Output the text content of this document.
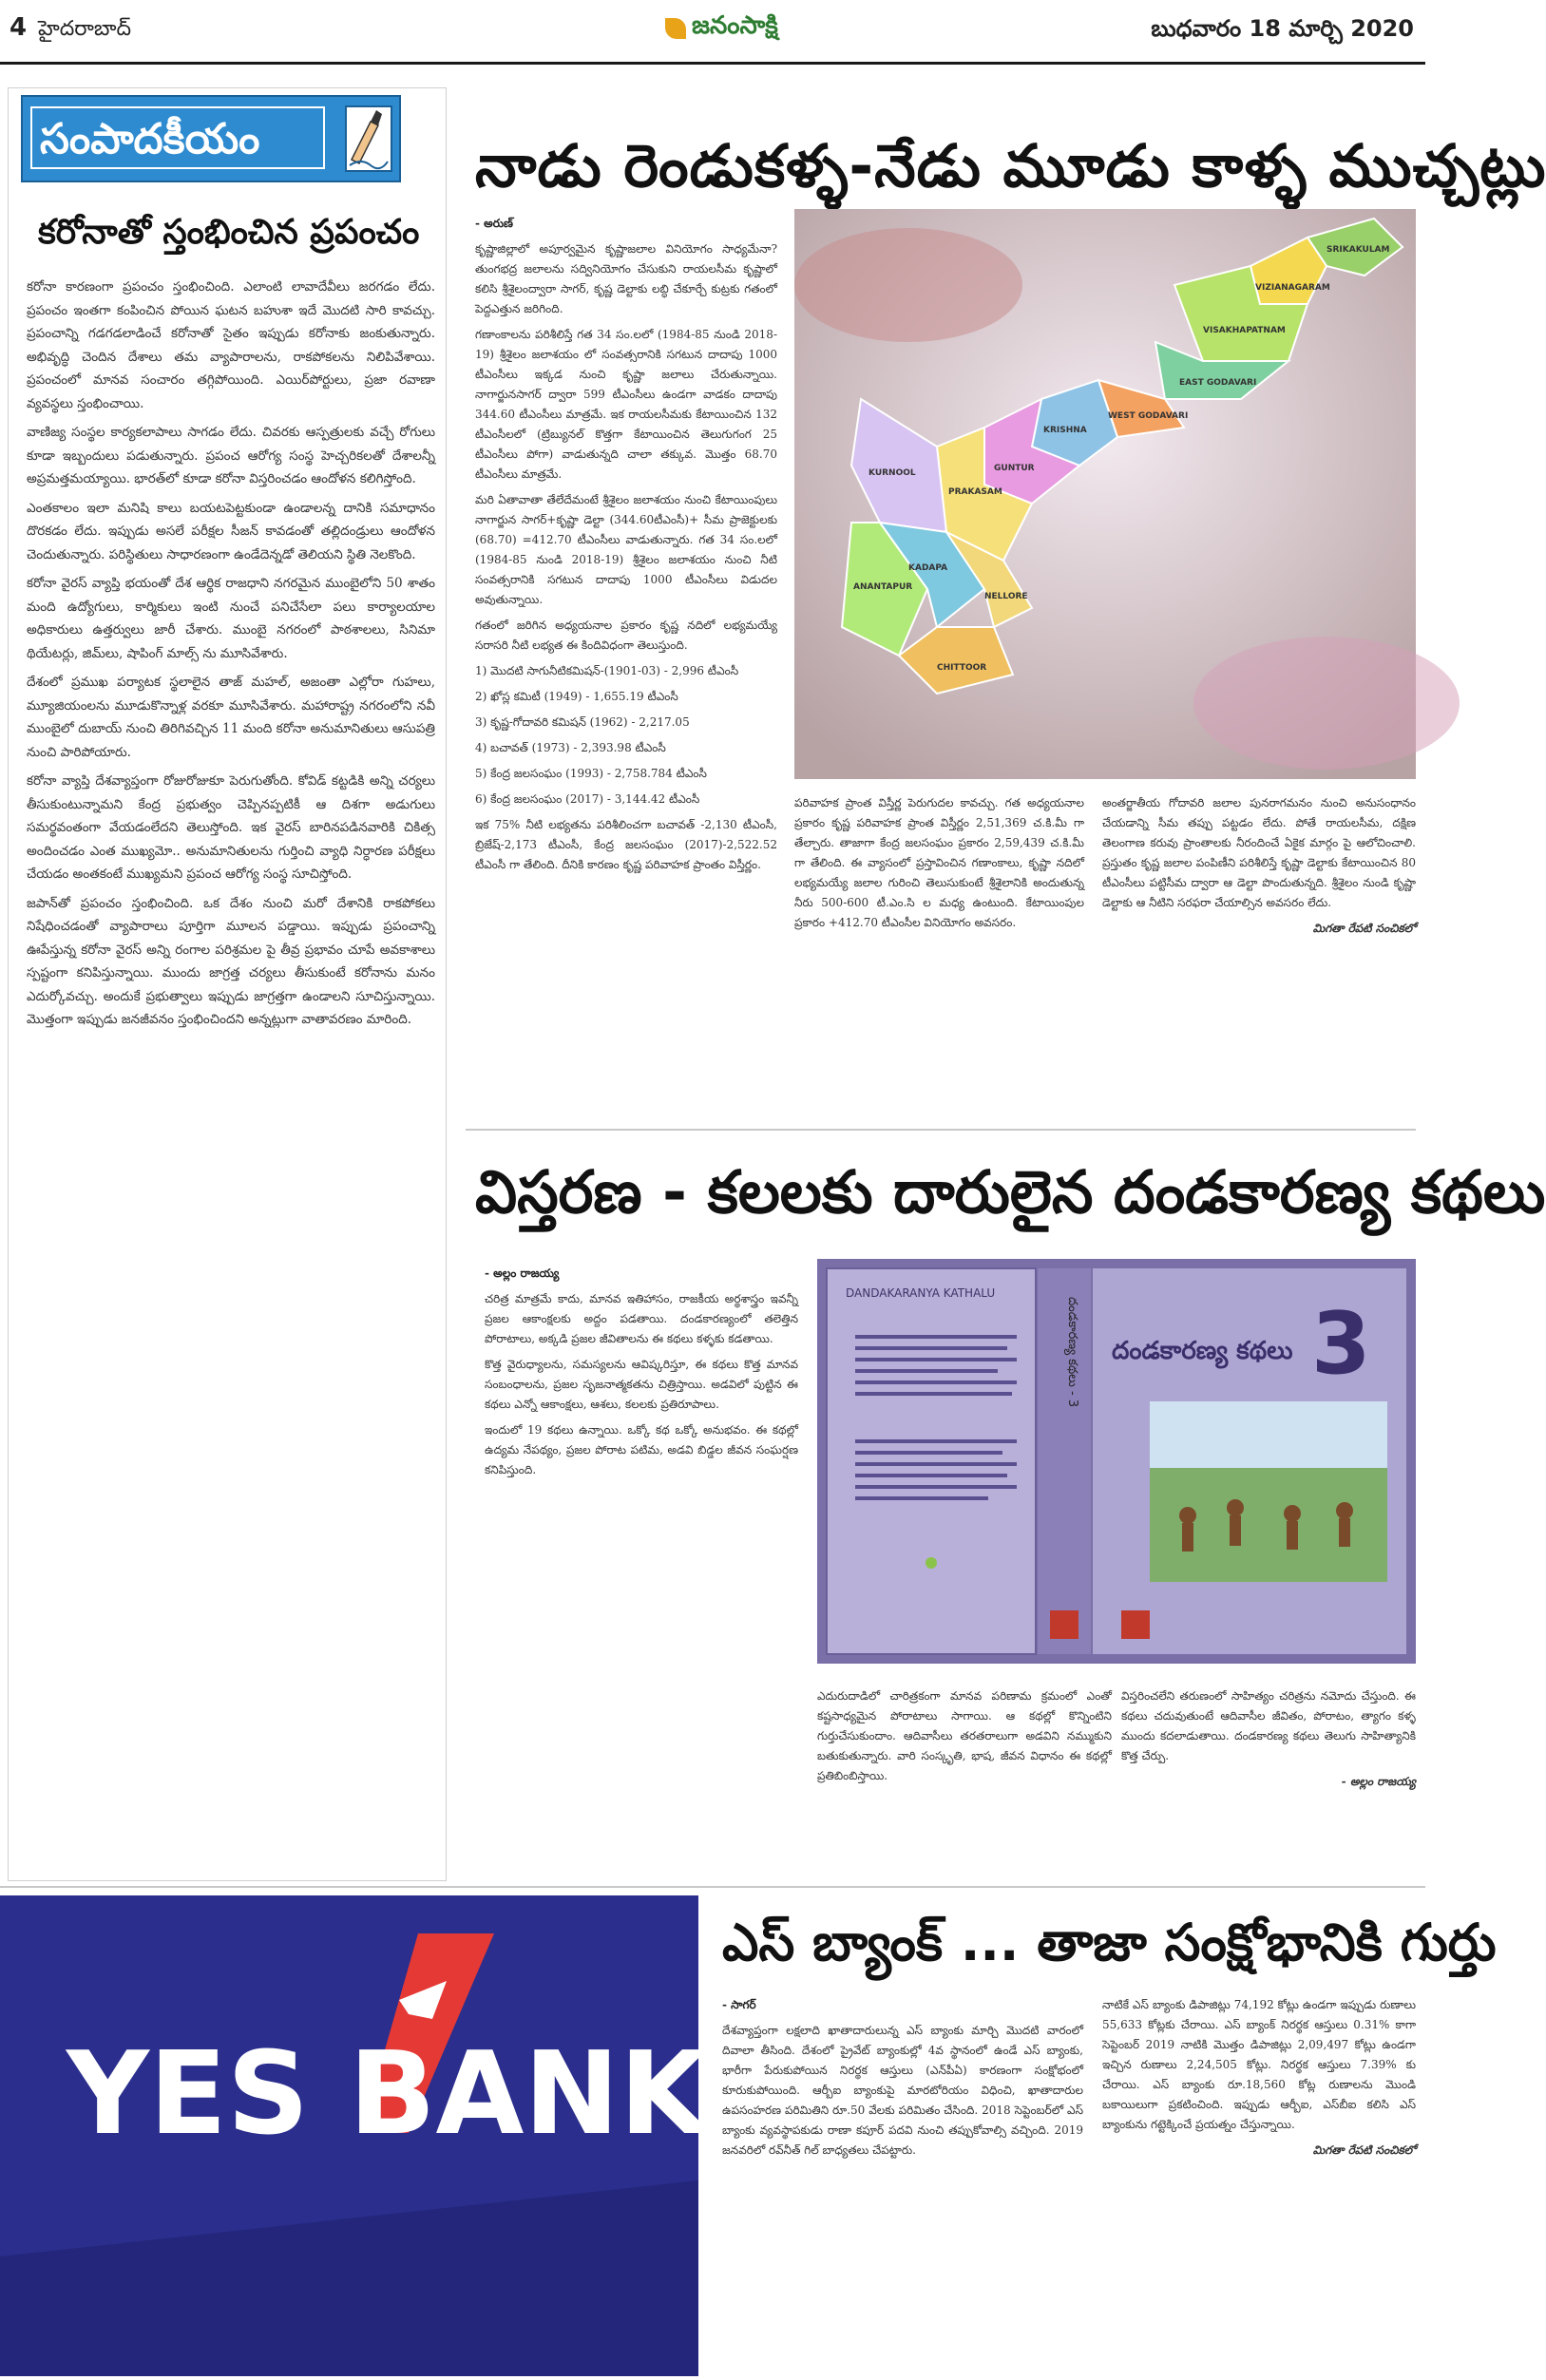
4 హైదరాబాద్	జనంసాక్షి	బుధవారం 18 మార్చి 2020
సంపాదకీయం
కరోనాతో స్తంభించిన ప్రపంచం

కరోనా కారణంగా ప్రపంచం స్తంభించింది. ఎలాంటి లావాదేవీలు జరగడం లేదు. ప్రపంచం ఇంతగా కంపించిన పోయిన ఘటన బహుశా ఇదే మొదటి సారి కావచ్చు. ప్రపంచాన్ని గడగడలాడించే కరోనాతో సైతం ఇప్పుడు కరోనాకు జంకుతున్నారు. అభివృద్ధి చెందిన దేశాలు తమ వ్యాపారాలను, రాకపోకలను నిలిపివేశాయి. ప్రపంచంలో మానవ సంచారం తగ్గిపోయింది. ఎయిర్‌పోర్టులు, ప్రజా రవాణా వ్యవస్థలు స్తంభించాయి.

వాణిజ్య సంస్థల కార్యకలాపాలు సాగడం లేదు. చివరకు ఆస్పత్రులకు వచ్చే రోగులు కూడా ఇబ్బందులు పడుతున్నారు. ప్రపంచ ఆరోగ్య సంస్థ హెచ్చరికలతో దేశాలన్నీ అప్రమత్తమయ్యాయి. భారత్‌లో కూడా కరోనా విస్తరించడం ఆందోళన కలిగిస్తోంది.

ఎంతకాలం ఇలా మనిషి కాలు బయటపెట్టకుండా ఉండాలన్న దానికి సమాధానం దొరకడం లేదు. ఇప్పుడు అసలే పరీక్షల సీజన్ కావడంతో తల్లిదండ్రులు ఆందోళన చెందుతున్నారు. పరిస్థితులు సాధారణంగా ఉండేదెన్నడో తెలియని స్థితి నెలకొంది.

కరోనా వైరస్ వ్యాప్తి భయంతో దేశ ఆర్థిక రాజధాని నగరమైన ముంబైలోని 50 శాతం మంది ఉద్యోగులు, కార్మికులు ఇంటి నుంచే పనిచేసేలా పలు కార్యాలయాల అధికారులు ఉత్తర్వులు జారీ చేశారు. ముంబై నగరంలో పాఠశాలలు, సినిమా థియేటర్లు, జిమ్‌లు, షాపింగ్ మాల్స్ ను మూసివేశారు.

దేశంలో ప్రముఖ పర్యాటక స్థలాలైన తాజ్ మహల్, అజంతా ఎల్లోరా గుహలు, మ్యూజియంలను మూడుకొన్నాళ్ల వరకూ మూసివేశారు. మహారాష్ట్ర నగరంలోని నవీ ముంబైలో దుబాయ్ నుంచి తిరిగివచ్చిన 11 మంది కరోనా అనుమానితులు ఆసుపత్రి నుంచి పారిపోయారు.

కరోనా వ్యాప్తి దేశవ్యాప్తంగా రోజురోజుకూ పెరుగుతోంది. కోవిడ్ కట్టడికి అన్ని చర్యలు తీసుకుంటున్నామని కేంద్ర ప్రభుత్వం చెప్పినప్పటికీ ఆ దిశగా అడుగులు సమర్థవంతంగా వేయడంలేదని తెలుస్తోంది. ఇక వైరస్ బారినపడినవారికి చికిత్స అందించడం ఎంత ముఖ్యమో.. అనుమానితులను గుర్తించి వ్యాధి నిర్ధారణ పరీక్షలు చేయడం అంతకంటే ముఖ్యమని ప్రపంచ ఆరోగ్య సంస్థ సూచిస్తోంది.

జపాన్‌తో ప్రపంచం స్తంభించింది. ఒక దేశం నుంచి మరో దేశానికి రాకపోకలు నిషేధించడంతో వ్యాపారాలు పూర్తిగా మూలన పడ్డాయి. ఇప్పుడు ప్రపంచాన్ని ఊపేస్తున్న కరోనా వైరస్ అన్ని రంగాల పరిశ్రమల పై తీవ్ర ప్రభావం చూపే అవకాశాలు స్పష్టంగా కనిపిస్తున్నాయి. ముందు జాగ్రత్త చర్యలు తీసుకుంటే కరోనాను మనం ఎదుర్కోవచ్చు. అందుకే ప్రభుత్వాలు ఇప్పుడు జాగ్రత్తగా ఉండాలని సూచిస్తున్నాయి. మొత్తంగా ఇప్పుడు జనజీవనం స్తంభించిందని అన్నట్లుగా వాతావరణం మారింది.

నాడు రెండుకళ్ళ-నేడు మూడు కాళ్ళ ముచ్చట్లు

- అరుణ్

కృష్ణాజిల్లాలో అపూర్వమైన కృష్ణాజలాల వినియోగం సాధ్యమేనా? తుంగభద్ర జలాలను సద్వినియోగం చేసుకుని రాయలసీమ కృష్ణాలో కలిసి శ్రీశైలంద్వారా సాగర్, కృష్ణ డెల్టాకు లబ్ధి చేకూర్చే కుట్రకు గతంలో పెద్దఎత్తున జరిగింది.

గణాంకాలను పరిశీలిస్తే గత 34 సం.లలో (1984-85 నుండి 2018-19) శ్రీశైలం జలాశయం లో సంవత్సరానికి సగటున దాదాపు 1000 టీఎంసీలు ఇక్కడ నుంచి కృష్ణా జలాలు చేరుతున్నాయి. నాగార్జునసాగర్ ద్వారా 599 టీఎంసీలు ఉండగా వాడకం దాదాపు 344.60 టీఎంసీలు మాత్రమే. ఇక రాయలసీమకు కేటాయించిన 132 టీఎంసీలలో (ట్రిబ్యునల్ కొత్తగా కేటాయించిన తెలుగుగంగ 25 టీఎంసీలు పోగా) వాడుతున్నది చాలా తక్కువ. మొత్తం 68.70 టీఎంసీలు మాత్రమే.

మరి ఏతావాతా తేలేదేమంటే శ్రీశైలం జలాశయం నుంచి కేటాయింపులు నాగార్జున సాగర్+కృష్ణా డెల్టా (344.60టీఎంసీ)+ సీమ ప్రాజెక్టులకు (68.70) =412.70 టీఎంసీలు వాడుతున్నారు. గత 34 సం.లలో (1984-85 నుండి 2018-19) శ్రీశైలం జలాశయం నుంచి నీటి సంవత్సరానికి సగటున దాదాపు 1000 టీఎంసీలు విడుదల అవుతున్నాయి.

గతంలో జరిగిన అధ్యయనాల ప్రకారం కృష్ణ నదిలో లభ్యమయ్యే సరాసరి నీటి లభ్యత ఈ కిందివిధంగా తెలుస్తుంది.

1) మొదటి సాగునీటికమిషన్-(1901-03) - 2,996 టీఎంసీ

2) ఖోస్ల కమిటీ (1949) - 1,655.19 టీఎంసీ

3) కృష్ణ-గోదావరి కమిషన్ (1962) - 2,217.05

4) బచావత్ (1973) - 2,393.98 టీఎంసీ

5) కేంద్ర జలసంఘం (1993) - 2,758.784 టీఎంసీ

6) కేంద్ర జలసంఘం (2017) - 3,144.42 టీఎంసీ

ఇక 75% నీటి లభ్యతను పరిశీలించగా బచావత్ -2,130 టీఎంసీ, బ్రిజేష్-2,173 టీఎంసీ, కేంద్ర జలసంఘం (2017)-2,522.52 టీఎంసీ గా తేలింది. దీనికి కారణం కృష్ణ పరివాహక ప్రాంతం విస్తీర్ణం.

SRIKAKULAM
VIZIANAGARAM
VISAKHAPATNAM
EAST GODAVARI
WEST GODAVARI
KRISHNA
GUNTUR
PRAKASAM
KURNOOL
ANANTAPUR
KADAPA
NELLORE
CHITTOOR

పరివాహక ప్రాంత విస్తీర్ణ పెరుగుదల కావచ్చు. గత అధ్యయనాల ప్రకారం కృష్ణ పరివాహక ప్రాంత విస్తీర్ణం 2,51,369 చ.కి.మీ గా తేల్చారు. తాజాగా కేంద్ర జలసంఘం ప్రకారం 2,59,439 చ.కి.మీ గా తేలింది. ఈ వ్యాసంలో ప్రస్తావించిన గణాంకాలు, కృష్ణా నదిలో లభ్యమయ్యే జలాల గురించి తెలుసుకుంటే శ్రీశైలానికి అందుతున్న నీరు 500-600 టీ.ఎం.సి ల మధ్య ఉంటుంది. కేటాయింపుల ప్రకారం +412.70 టీఎంసీల వినియోగం అవసరం.

అంతర్జాతీయ గోదావరి జలాల పునరాగమనం నుంచి అనుసంధానం చేయడాన్ని సీమ తప్పు పట్టడం లేదు. పోతే రాయలసీమ, దక్షిణ తెలంగాణ కరువు ప్రాంతాలకు నీరందించే ఏకైక మార్గం పై ఆలోచించాలి. ప్రస్తుతం కృష్ణ జలాల పంపిణీని పరిశీలిస్తే కృష్ణా డెల్టాకు కేటాయించిన 80 టీఎంసీలు పట్టిసీమ ద్వారా ఆ డెల్టా పొందుతున్నది. శ్రీశైలం నుండి కృష్ణా డెల్టాకు ఆ నీటిని సరఫరా చేయాల్సిన అవసరం లేదు.

మిగతా రేపటి సంచికలో

విస్తరణ - కలలకు దారులైన దండకారణ్య కథలు

- అల్లం రాజయ్య

చరిత్ర మాత్రమే కాదు, మానవ ఇతిహాసం, రాజకీయ అర్థశాస్త్రం ఇవన్నీ ప్రజల ఆకాంక్షలకు అద్దం పడతాయి. దండకారణ్యంలో తలెత్తిన పోరాటాలు, అక్కడి ప్రజల జీవితాలను ఈ కథలు కళ్ళకు కడతాయి.

కొత్త వైరుధ్యాలను, సమస్యలను ఆవిష్కరిస్తూ, ఈ కథలు కొత్త మానవ సంబంధాలను, ప్రజల సృజనాత్మకతను చిత్రిస్తాయి. అడవిలో పుట్టిన ఈ కథలు ఎన్నో ఆకాంక్షలు, ఆశలు, కలలకు ప్రతిరూపాలు.

ఇందులో 19 కథలు ఉన్నాయి. ఒక్కో కథ ఒక్కో అనుభవం. ఈ కథల్లో ఉద్యమ నేపథ్యం, ప్రజల పోరాట పటిమ, అడవి బిడ్డల జీవన సంఘర్షణ కనిపిస్తుంది.

DANDAKARANYA KATHALU
దండకారణ్య కథలు - 3 దండకారణ్య కథలు 3

ఎదురుదాడిలో చారిత్రకంగా మానవ పరిణామ క్రమంలో ఎంతో కష్టసాధ్యమైన పోరాటాలు సాగాయి. ఆ కథల్లో కొన్నింటిని గుర్తుచేసుకుందాం. ఆదివాసీలు తరతరాలుగా అడవిని నమ్ముకుని బతుకుతున్నారు. వారి సంస్కృతి, భాష, జీవన విధానం ఈ కథల్లో ప్రతిబింబిస్తాయి.

విస్తరించలేని తరుణంలో సాహిత్యం చరిత్రను నమోదు చేస్తుంది. ఈ కథలు చదువుతుంటే ఆదివాసీల జీవితం, పోరాటం, త్యాగం కళ్ళ ముందు కదలాడుతాయి. దండకారణ్య కథలు తెలుగు సాహిత్యానికి కొత్త చేర్పు.

- అల్లం రాజయ్య

YES BANK
ఎస్ బ్యాంక్ ... తాజా సంక్షోభానికి గుర్తు

- సాగర్

దేశవ్యాప్తంగా లక్షలాది ఖాతాదారులున్న ఎస్ బ్యాంకు మార్చి మొదటి వారంలో దివాలా తీసింది. దేశంలో ప్రైవేట్ బ్యాంకుల్లో 4వ స్థానంలో ఉండే ఎస్ బ్యాంకు, భారీగా పేరుకుపోయిన నిరర్థక ఆస్తులు (ఎన్‌పీఏ) కారణంగా సంక్షోభంలో కూరుకుపోయింది. ఆర్బీఐ బ్యాంకుపై మారటోరియం విధించి, ఖాతాదారుల ఉపసంహరణ పరిమితిని రూ.50 వేలకు పరిమితం చేసింది. 2018 సెప్టెంబర్‌లో ఎస్ బ్యాంకు వ్యవస్థాపకుడు రాణా కపూర్‌ పదవి నుంచి తప్పుకోవాల్సి వచ్చింది. 2019 జనవరిలో రవ్‌నీత్ గిల్ బాధ్యతలు చేపట్టారు.

నాటికే ఎస్ బ్యాంకు డిపాజిట్లు 74,192 కోట్లు ఉండగా ఇప్పుడు రుణాలు 55,633 కోట్లకు చేరాయి. ఎస్ బ్యాంక్‌ నిరర్థక ఆస్తులు 0.31% కాగా సెప్టెంబర్ 2019 నాటికి మొత్తం డిపాజిట్లు 2,09,497 కోట్లు ఉండగా ఇచ్చిన రుణాలు 2,24,505 కోట్లు. నిరర్థక ఆస్తులు 7.39% కు చేరాయి. ఎస్ బ్యాంకు రూ.18,560 కోట్ల రుణాలను మొండి బకాయిలుగా ప్రకటించింది. ఇప్పుడు ఆర్బీఐ, ఎస్‌బీఐ కలిసి ఎస్ బ్యాంకును గట్టెక్కించే ప్రయత్నం చేస్తున్నాయి.

మిగతా రేపటి సంచికలో
